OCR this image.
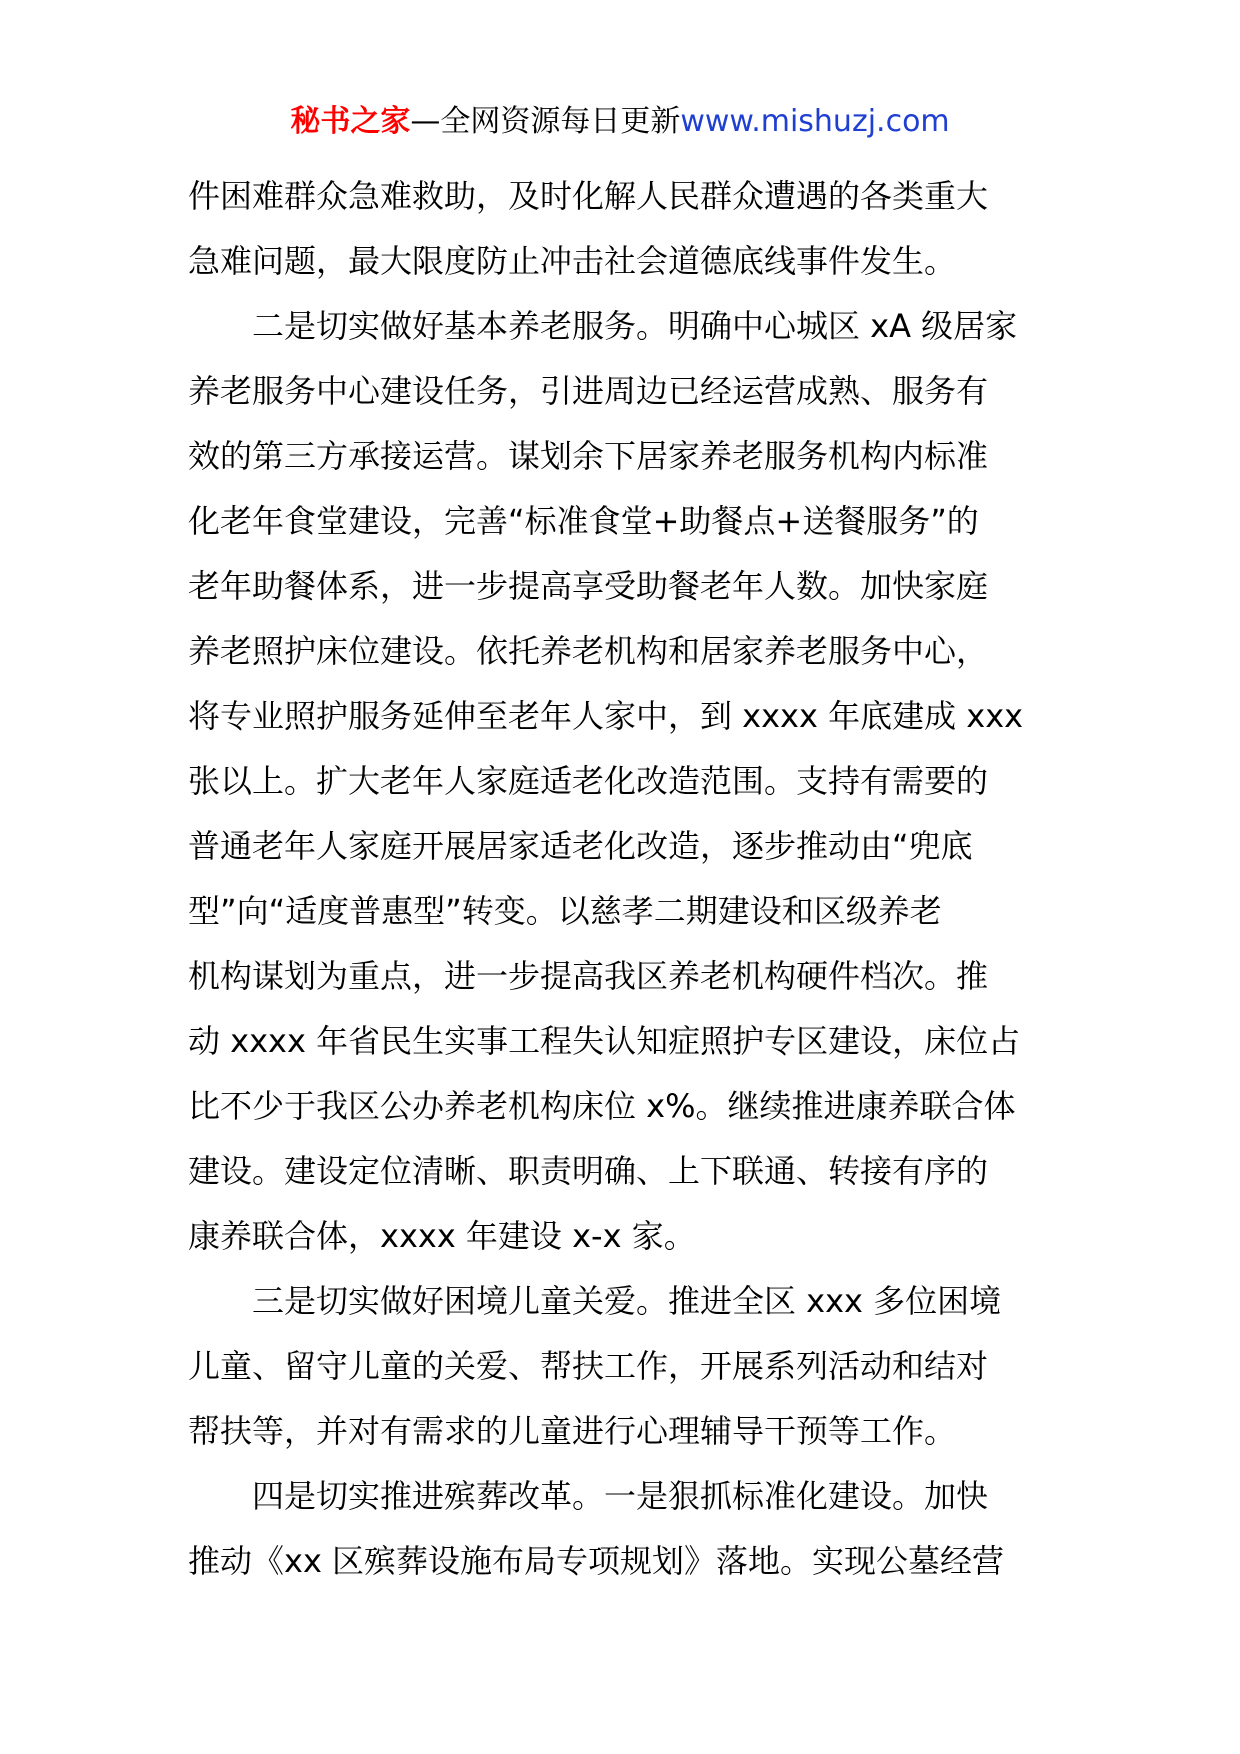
秘书之家—全网资源每日更新www.mishuzj.com
件困难群众急难救助，及时化解人民群众遭遇的各类重大
急难问题，最大限度防止冲击社会道德底线事件发生。
二是切实做好基本养老服务。明确中心城区 xA 级居家
养老服务中心建设任务，引进周边已经运营成熟、服务有
效的第三方承接运营。谋划余下居家养老服务机构内标准
化老年食堂建设，完善“标准食堂+助餐点+送餐服务”的
老年助餐体系，进一步提高享受助餐老年人数。加快家庭
养老照护床位建设。依托养老机构和居家养老服务中心，
将专业照护服务延伸至老年人家中，到 xxxx 年底建成 xxx
张以上。扩大老年人家庭适老化改造范围。支持有需要的
普通老年人家庭开展居家适老化改造，逐步推动由“兜底
型”向“适度普惠型”转变。以慈孝二期建设和区级养老
机构谋划为重点，进一步提高我区养老机构硬件档次。推
动 xxxx 年省民生实事工程失认知症照护专区建设，床位占
比不少于我区公办养老机构床位 x%。继续推进康养联合体
建设。建设定位清晰、职责明确、上下联通、转接有序的
康养联合体，xxxx 年建设 x-x 家。
三是切实做好困境儿童关爱。推进全区 xxx 多位困境
儿童、留守儿童的关爱、帮扶工作，开展系列活动和结对
帮扶等，并对有需求的儿童进行心理辅导干预等工作。
四是切实推进殡葬改革。一是狠抓标准化建设。加快
推动《xx 区殡葬设施布局专项规划》落地。实现公墓经营
